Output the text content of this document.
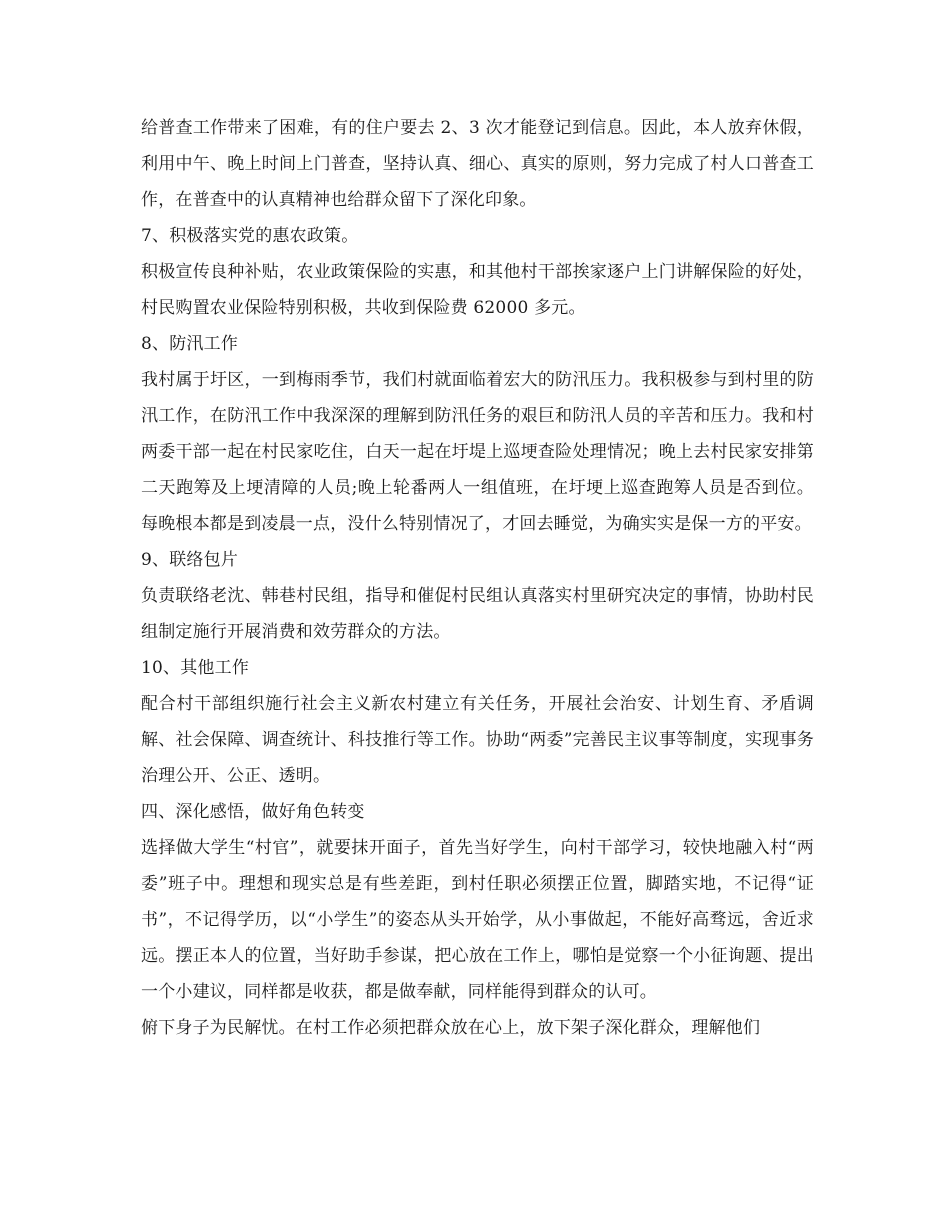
给普查工作带来了困难，有的住户要去 2、3 次才能登记到信息。因此，本人放弃休假，利用中午、晚上时间上门普查，坚持认真、细心、真实的原则，努力完成了村人口普查工作，在普查中的认真精神也给群众留下了深化印象。

7、积极落实党的惠农政策。

积极宣传良种补贴，农业政策保险的实惠，和其他村干部挨家逐户上门讲解保险的好处，村民购置农业保险特别积极，共收到保险费 62000 多元。

8、防汛工作

我村属于圩区，一到梅雨季节，我们村就面临着宏大的防汛压力。我积极参与到村里的防汛工作，在防汛工作中我深深的理解到防汛任务的艰巨和防汛人员的辛苦和压力。我和村两委干部一起在村民家吃住，白天一起在圩堤上巡埂查险处理情况；晚上去村民家安排第二天跑筹及上埂清障的人员;晚上轮番两人一组值班，在圩埂上巡查跑筹人员是否到位。每晚根本都是到凌晨一点，没什么特别情况了，才回去睡觉，为确实实是保一方的平安。

9、联络包片

负责联络老沈、韩巷村民组，指导和催促村民组认真落实村里研究决定的事情，协助村民组制定施行开展消费和效劳群众的方法。

10、其他工作

配合村干部组织施行社会主义新农村建立有关任务，开展社会治安、计划生育、矛盾调解、社会保障、调查统计、科技推行等工作。协助“两委”完善民主议事等制度，实现事务治理公开、公正、透明。

四、深化感悟，做好角色转变

选择做大学生“村官”，就要抹开面子，首先当好学生，向村干部学习，较快地融入村“两委”班子中。理想和现实总是有些差距，到村任职必须摆正位置，脚踏实地，不记得“证书”，不记得学历，以“小学生”的姿态从头开始学，从小事做起，不能好高骛远，舍近求远。摆正本人的位置，当好助手参谋，把心放在工作上，哪怕是觉察一个小征询题、提出一个小建议，同样都是收获，都是做奉献，同样能得到群众的认可。

俯下身子为民解忧。在村工作必须把群众放在心上，放下架子深化群众，理解他们
